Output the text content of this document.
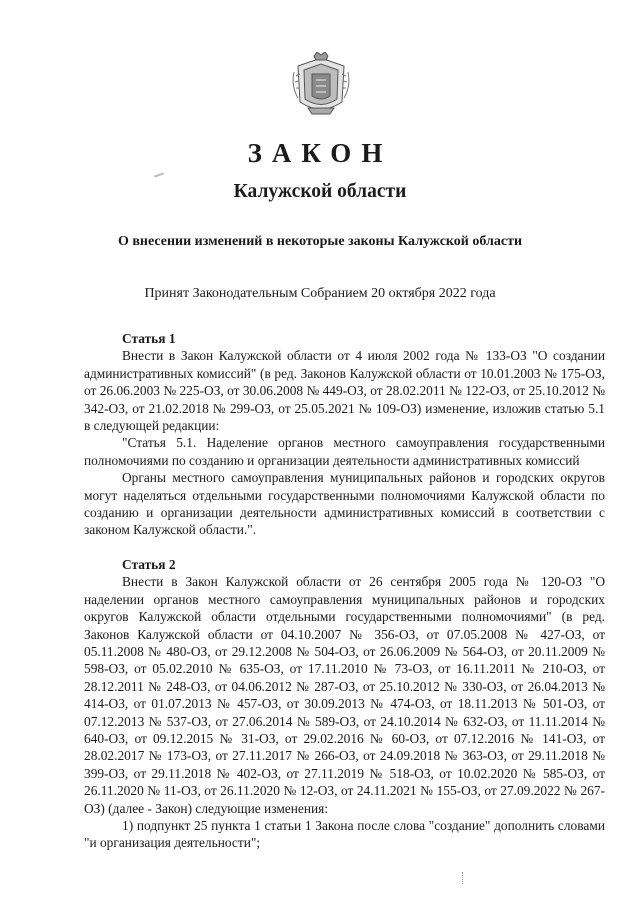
ЗАКОН
Калужской области
О внесении изменений в некоторые законы Калужской области
Принят Законодательным Собранием 20 октября 2022 года
Статья 1

Внести в Закон Калужской области от 4 июля 2002 года № 133-ОЗ "О создании административных комиссий" (в ред. Законов Калужской области от 10.01.2003 № 175-ОЗ, от 26.06.2003 № 225-ОЗ, от 30.06.2008 № 449-ОЗ, от 28.02.2011 № 122-ОЗ, от 25.10.2012 № 342-ОЗ, от 21.02.2018 № 299-ОЗ, от 25.05.2021 № 109-ОЗ) изменение, изложив статью 5.1 в следующей редакции:

"Статья 5.1. Наделение органов местного самоуправления государственными полномочиями по созданию и организации деятельности административных комиссий

Органы местного самоуправления муниципальных районов и городских округов могут наделяться отдельными государственными полномочиями Калужской области по созданию и организации деятельности административных комиссий в соответствии с законом Калужской области.".

Статья 2

Внести в Закон Калужской области от 26 сентября 2005 года № 120-ОЗ "О наделении органов местного самоуправления муниципальных районов и городских округов Калужской области отдельными государственными полномочиями" (в ред. Законов Калужской области от 04.10.2007 № 356-ОЗ, от 07.05.2008 № 427-ОЗ, от 05.11.2008 № 480-ОЗ, от 29.12.2008 № 504-ОЗ, от 26.06.2009 № 564-ОЗ, от 20.11.2009 № 598-ОЗ, от 05.02.2010 № 635-ОЗ, от 17.11.2010 № 73-ОЗ, от 16.11.2011 № 210-ОЗ, от 28.12.2011 № 248-ОЗ, от 04.06.2012 № 287-ОЗ, от 25.10.2012 № 330-ОЗ, от 26.04.2013 № 414-ОЗ, от 01.07.2013 № 457-ОЗ, от 30.09.2013 № 474-ОЗ, от 18.11.2013 № 501-ОЗ, от 07.12.2013 № 537-ОЗ, от 27.06.2014 № 589-ОЗ, от 24.10.2014 № 632-ОЗ, от 11.11.2014 № 640-ОЗ, от 09.12.2015 № 31-ОЗ, от 29.02.2016 № 60-ОЗ, от 07.12.2016 № 141-ОЗ, от 28.02.2017 № 173-ОЗ, от 27.11.2017 № 266-ОЗ, от 24.09.2018 № 363-ОЗ, от 29.11.2018 № 399-ОЗ, от 29.11.2018 № 402-ОЗ, от 27.11.2019 № 518-ОЗ, от 10.02.2020 № 585-ОЗ, от 26.11.2020 № 11-ОЗ, от 26.11.2020 № 12-ОЗ, от 24.11.2021 № 155-ОЗ, от 27.09.2022 № 267-ОЗ) (далее - Закон) следующие изменения:

1) подпункт 25 пункта 1 статьи 1 Закона после слова "создание" дополнить словами "и организация деятельности";
